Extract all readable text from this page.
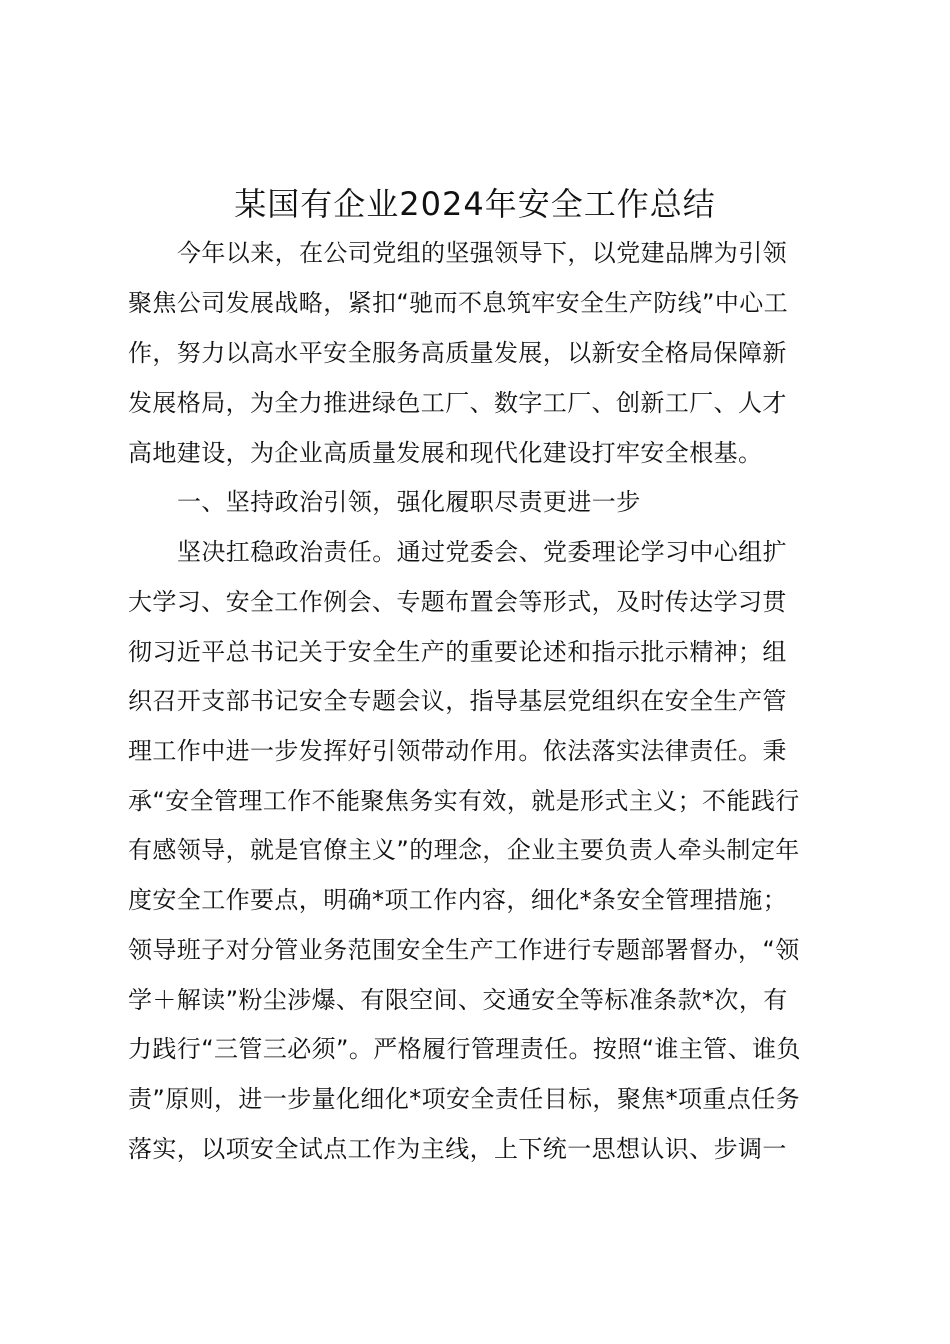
某国有企业2024年安全工作总结
今年以来，在公司党组的坚强领导下，以党建品牌为引领
聚焦公司发展战略，紧扣“驰而不息筑牢安全生产防线”中心工
作，努力以高水平安全服务高质量发展，以新安全格局保障新
发展格局，为全力推进绿色工厂、数字工厂、创新工厂、人才
高地建设，为企业高质量发展和现代化建设打牢安全根基。
一、坚持政治引领，强化履职尽责更进一步
坚决扛稳政治责任。通过党委会、党委理论学习中心组扩
大学习、安全工作例会、专题布置会等形式，及时传达学习贯
彻习近平总书记关于安全生产的重要论述和指示批示精神；组
织召开支部书记安全专题会议，指导基层党组织在安全生产管
理工作中进一步发挥好引领带动作用。依法落实法律责任。秉
承“安全管理工作不能聚焦务实有效，就是形式主义；不能践行
有感领导，就是官僚主义”的理念，企业主要负责人牵头制定年
度安全工作要点，明确*项工作内容，细化*条安全管理措施；
领导班子对分管业务范围安全生产工作进行专题部署督办，“领
学＋解读”粉尘涉爆、有限空间、交通安全等标准条款*次，有
力践行“三管三必须”。严格履行管理责任。按照“谁主管、谁负
责”原则，进一步量化细化*项安全责任目标，聚焦*项重点任务
落实，以项安全试点工作为主线，上下统一思想认识、步调一
